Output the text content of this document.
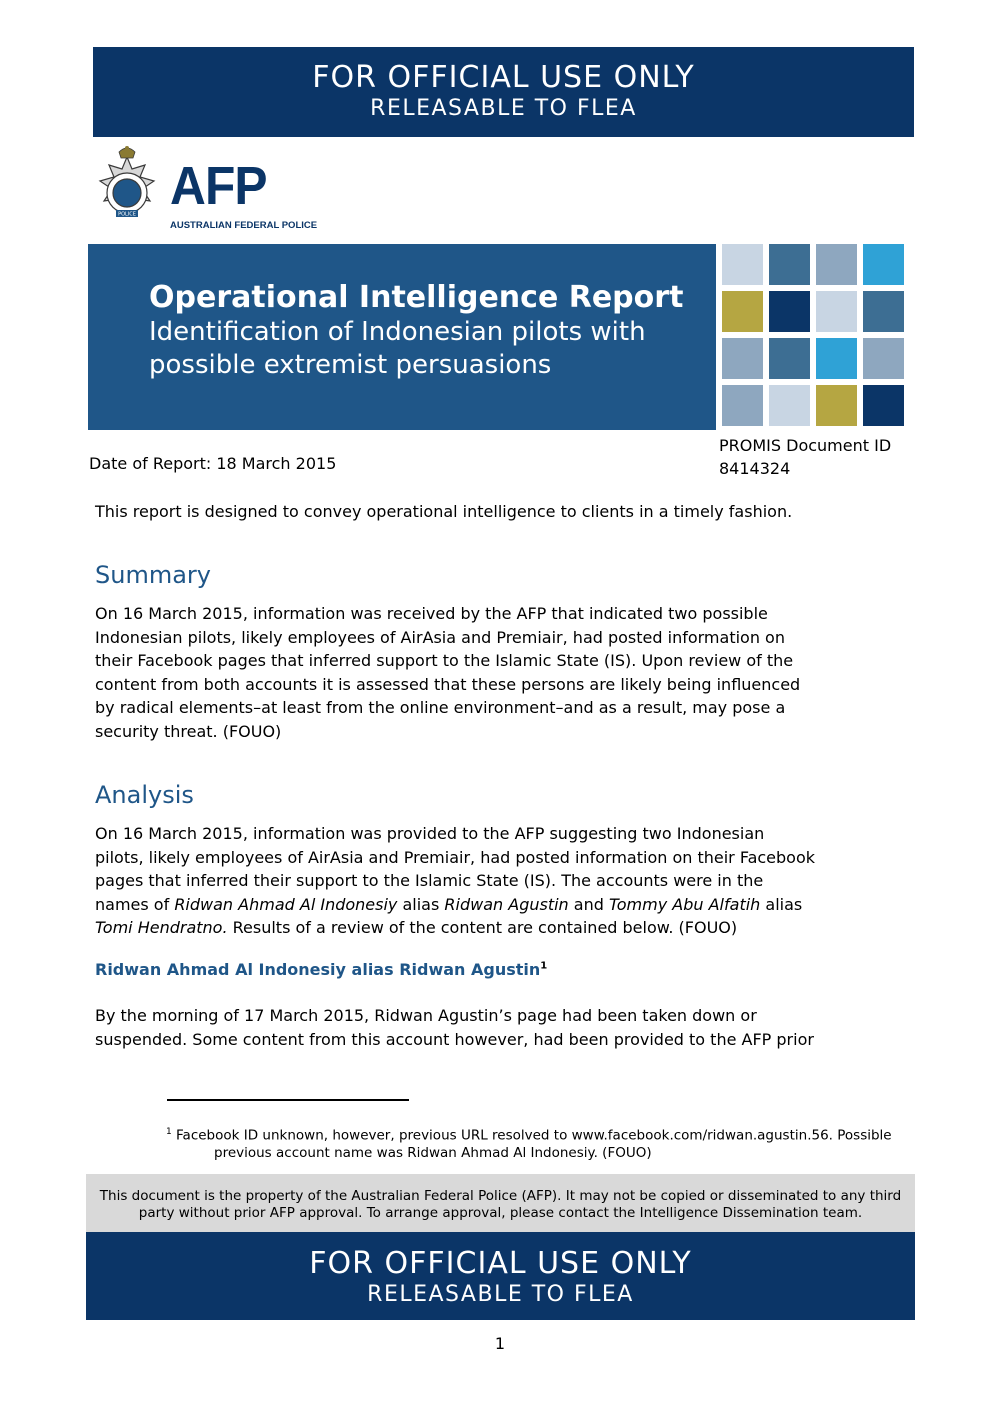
FOR OFFICIAL USE ONLY
RELEASABLE TO FLEA
POLICE AFP
AUSTRALIAN FEDERAL POLICE
Operational Intelligence Report
Identification of Indonesian pilots with
possible extremist persuasions
Date of Report: 18 March 2015
PROMIS Document ID
8414324
This report is designed to convey operational intelligence to clients in a timely fashion.
Summary

On 16 March 2015, information was received by the AFP that indicated two possible
Indonesian pilots, likely employees of AirAsia and Premiair, had posted information on
their Facebook pages that inferred support to the Islamic State (IS). Upon review of the
content from both accounts it is assessed that these persons are likely being influenced
by radical elements–at least from the online environment–and as a result, may pose a
security threat. (FOUO)

Analysis

On 16 March 2015, information was provided to the AFP suggesting two Indonesian
pilots, likely employees of AirAsia and Premiair, had posted information on their Facebook
pages that inferred their support to the Islamic State (IS). The accounts were in the
names of Ridwan Ahmad Al Indonesiy alias Ridwan Agustin and Tommy Abu Alfatih alias
Tomi Hendratno. Results of a review of the content are contained below. (FOUO)

Ridwan Ahmad Al Indonesiy alias Ridwan Agustin$^1$

By the morning of 17 March 2015, Ridwan Agustin’s page had been taken down or
suspended. Some content from this account however, had been provided to the AFP prior

$^1$ Facebook ID unknown, however, previous URL resolved to www.facebook.com/ridwan.agustin.56. Possible
previous account name was Ridwan Ahmad Al Indonesiy. (FOUO)
This document is the property of the Australian Federal Police (AFP). It may not be copied or disseminated to any third
party without prior AFP approval. To arrange approval, please contact the Intelligence Dissemination team.
FOR OFFICIAL USE ONLY
RELEASABLE TO FLEA
1
